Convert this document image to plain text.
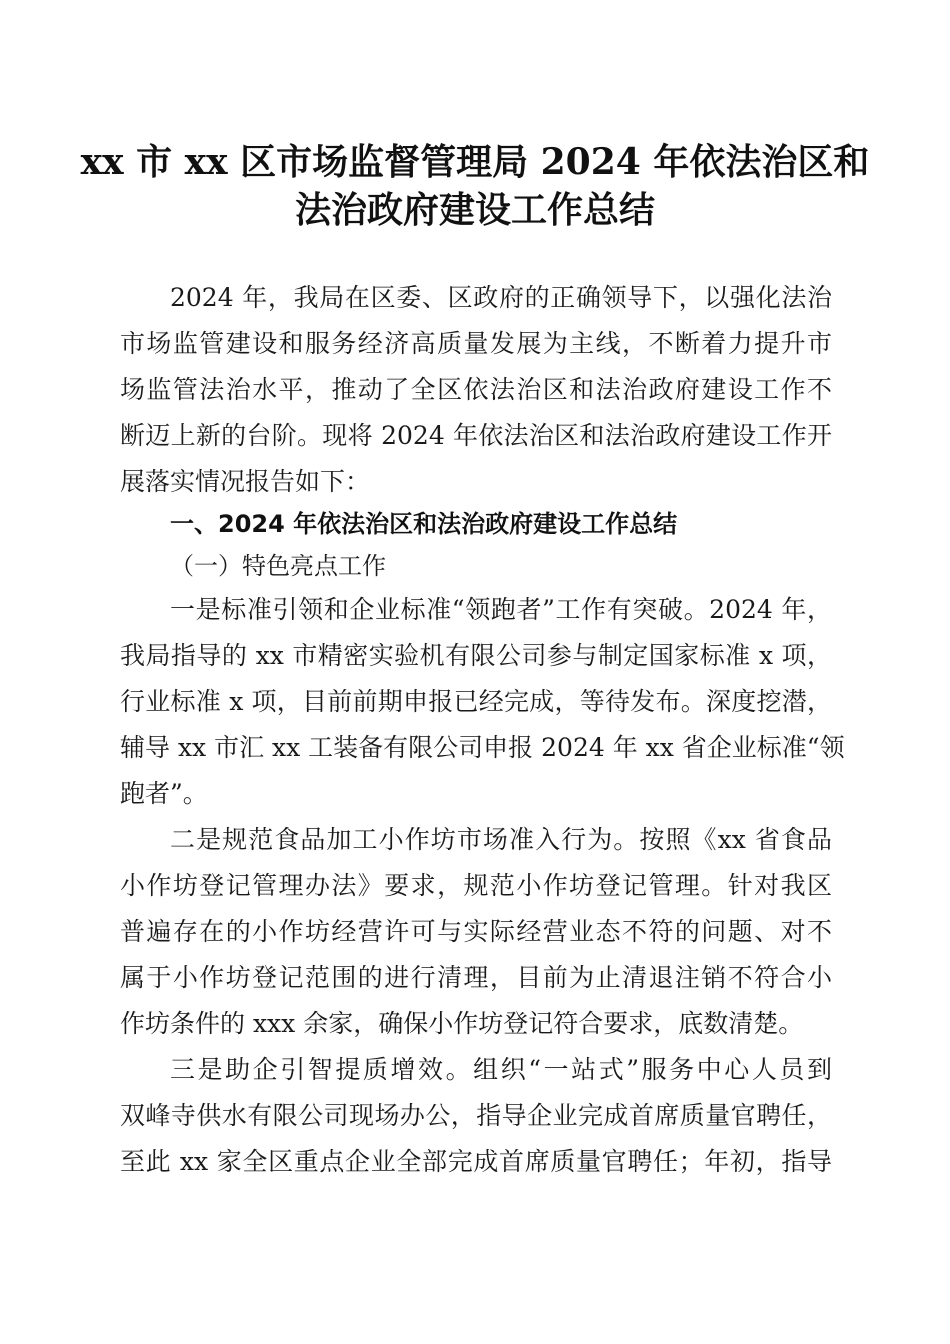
xx 市 xx 区市场监督管理局 2024 年依法治区和
法治政府建设工作总结
2024 年，我局在区委、区政府的正确领导下，以强化法治
市场监管建设和服务经济高质量发展为主线，不断着力提升市
场监管法治水平，推动了全区依法治区和法治政府建设工作不
断迈上新的台阶。现将 2024 年依法治区和法治政府建设工作开
展落实情况报告如下：
一、2024 年依法治区和法治政府建设工作总结
（一）特色亮点工作
一是标准引领和企业标准“领跑者”工作有突破。2024 年，
我局指导的 xx 市精密实验机有限公司参与制定国家标准 x 项，
行业标准 x 项，目前前期申报已经完成，等待发布。深度挖潜，
辅导 xx 市汇 xx 工装备有限公司申报 2024 年 xx 省企业标准“领
跑者”。
二是规范食品加工小作坊市场准入行为。按照《xx 省食品
小作坊登记管理办法》要求，规范小作坊登记管理。针对我区
普遍存在的小作坊经营许可与实际经营业态不符的问题、对不
属于小作坊登记范围的进行清理，目前为止清退注销不符合小
作坊条件的 xxx 余家，确保小作坊登记符合要求，底数清楚。
三是助企引智提质增效。组织“一站式”服务中心人员到
双峰寺供水有限公司现场办公，指导企业完成首席质量官聘任，
至此 xx 家全区重点企业全部完成首席质量官聘任；年初，指导
